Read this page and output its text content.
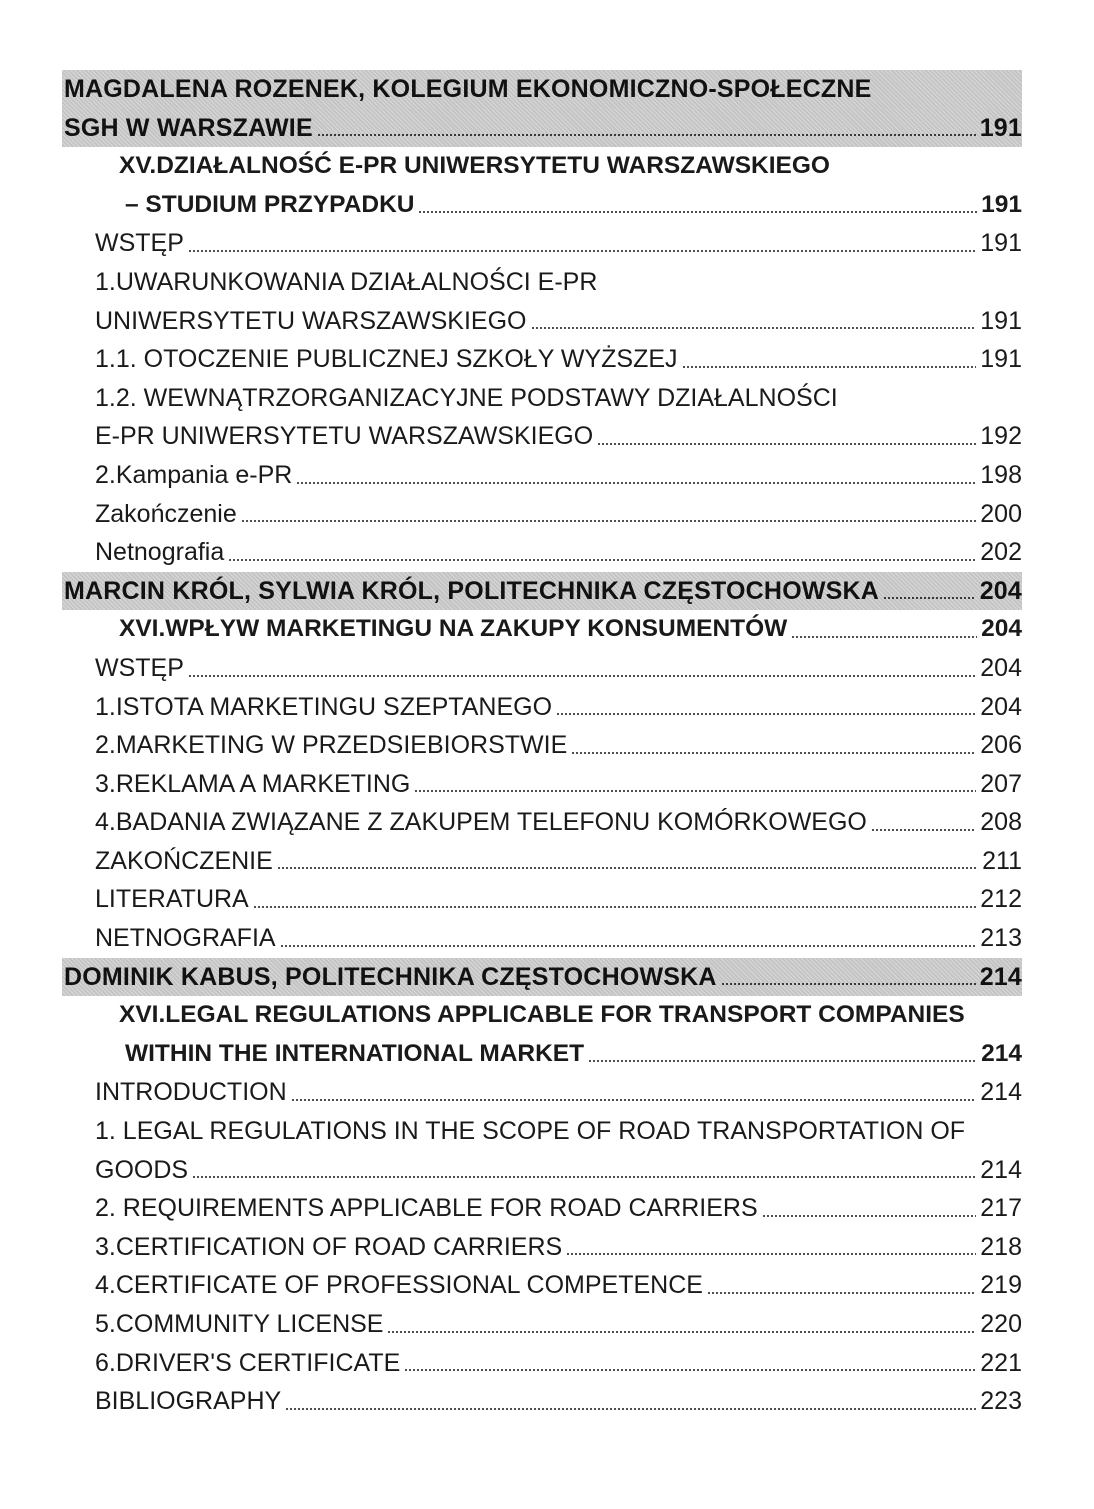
MAGDALENA ROZENEK, KOLEGIUM EKONOMICZNO-SPOŁECZNE
SGH W WARSZAWIE	191
XV.DZIAŁALNOŚĆ E-PR UNIWERSYTETU WARSZAWSKIEGO
– STUDIUM PRZYPADKU	191
WSTĘP	191
1.UWARUNKOWANIA DZIAŁALNOŚCI E-PR
UNIWERSYTETU WARSZAWSKIEGO	191
1.1. OTOCZENIE PUBLICZNEJ SZKOŁY WYŻSZEJ	191
1.2. WEWNĄTRZORGANIZACYJNE PODSTAWY DZIAŁALNOŚCI
E-PR UNIWERSYTETU WARSZAWSKIEGO	192
2.Kampania e-PR	198
Zakończenie	200
Netnografia	202
MARCIN KRÓL, SYLWIA KRÓL, POLITECHNIKA CZĘSTOCHOWSKA	204
XVI.WPŁYW MARKETINGU NA ZAKUPY KONSUMENTÓW	204
WSTĘP	204
1.ISTOTA MARKETINGU SZEPTANEGO	204
2.MARKETING W PRZEDSIEBIORSTWIE	206
3.REKLAMA A MARKETING	207
4.BADANIA ZWIĄZANE Z ZAKUPEM TELEFONU KOMÓRKOWEGO	208
ZAKOŃCZENIE	211
LITERATURA	212
NETNOGRAFIA	213
DOMINIK KABUS, POLITECHNIKA CZĘSTOCHOWSKA	214
XVI.LEGAL REGULATIONS APPLICABLE FOR TRANSPORT COMPANIES
WITHIN THE INTERNATIONAL MARKET	214
INTRODUCTION	214
1. LEGAL REGULATIONS IN THE SCOPE OF ROAD TRANSPORTATION OF
GOODS	214
2. REQUIREMENTS APPLICABLE FOR ROAD CARRIERS	217
3.CERTIFICATION OF ROAD CARRIERS	218
4.CERTIFICATE OF PROFESSIONAL COMPETENCE	219
5.COMMUNITY LICENSE	220
6.DRIVER'S CERTIFICATE	221
BIBLIOGRAPHY	223
